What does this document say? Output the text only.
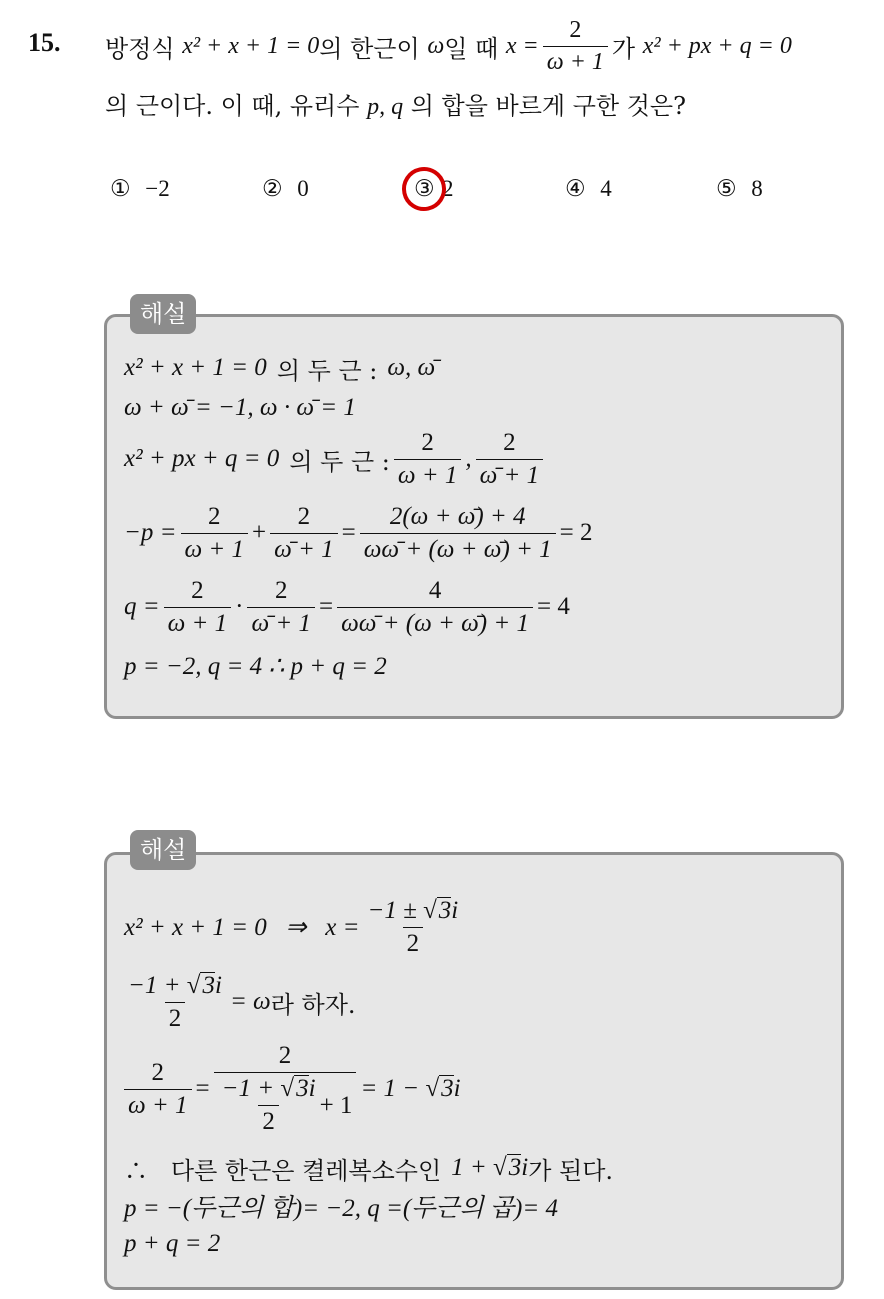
15. 방정식
x² + x + 1 = 0 의 한근이
ω 일 때
$x = \frac{2}{\omega + 1}$ 가
x² + px + q = 0
의 근이다. 이 때, 유리수 p, q 의 합을 바르게 구한 것은?
① −2	② 0	③ 2	④ 4	⑤ 8
해설
x² + x + 1 = 0 의 두 근 : ω, ω̄
ω + ω̄ = −1, ω · ω̄ = 1
x² + px + q = 0 의 두 근 : $\frac{2}{\omega + 1}$ , $\frac{2}{\omegā + 1}$
$-p = \frac{2}{\omega + 1} + \frac{2}{\omegā + 1} = \frac{2(\omega + \omegā) + 4}{\omega\omegā + (\omega + \omegā) + 1} = 2$
$q = \frac{2}{\omega + 1} \cdot \frac{2}{\omegā + 1} = \frac{4}{\omega\omegā + (\omega + \omegā) + 1} = 4$
p = −2, q = 4 ∴ p + q = 2
해설
x² + x + 1 = 0   ⇒   $x = \frac{-1 \pm √3i}{2}$
$\frac{-1 + √3i}{2} = \omega$ 라 하자.
$\frac{2}{\omega + 1} = \frac{2}{\frac{-1 + √3i}{2} + 1} = 1 - √3i$
∴   다른 한근은 켤레복소수인 1 + √3i 가 된다.
p = −(두근의 합)= −2, q =(두근의 곱)= 4
p + q = 2
